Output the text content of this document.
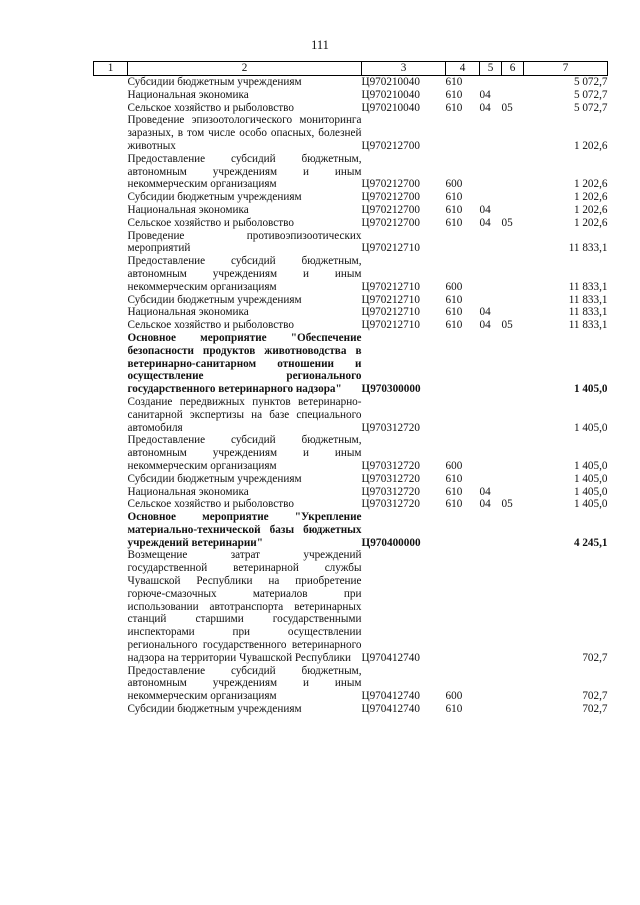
111
1	2	3	4	5	6	7
	Субсидии бюджетным учреждениям	Ц970210040	610			5 072,7
	Национальная экономика	Ц970210040	610	04		5 072,7
	Сельское хозяйство и рыболовство	Ц970210040	610	04	05	5 072,7
	Проведение эпизоотологического мониторинга заразных, в том числе особо опасных, болезней животных	Ц970212700				1 202,6
	Предоставление субсидий бюджетным, автономным учреждениям и иным некоммерческим организациям	Ц970212700	600			1 202,6
	Субсидии бюджетным учреждениям	Ц970212700	610			1 202,6
	Национальная экономика	Ц970212700	610	04		1 202,6
	Сельское хозяйство и рыболовство	Ц970212700	610	04	05	1 202,6
	Проведение противоэпизоотических мероприятий	Ц970212710				11 833,1
	Предоставление субсидий бюджетным, автономным учреждениям и иным некоммерческим организациям	Ц970212710	600			11 833,1
	Субсидии бюджетным учреждениям	Ц970212710	610			11 833,1
	Национальная экономика	Ц970212710	610	04		11 833,1
	Сельское хозяйство и рыболовство	Ц970212710	610	04	05	11 833,1
	Основное мероприятие "Обеспечение безопасности продуктов животноводства в ветеринарно-санитарном отношении и осуществление регионального государственного ветеринарного надзора"	Ц970300000				1 405,0
	Создание передвижных пунктов ветеринарно-санитарной экспертизы на базе специального автомобиля	Ц970312720				1 405,0
	Предоставление субсидий бюджетным, автономным учреждениям и иным некоммерческим организациям	Ц970312720	600			1 405,0
	Субсидии бюджетным учреждениям	Ц970312720	610			1 405,0
	Национальная экономика	Ц970312720	610	04		1 405,0
	Сельское хозяйство и рыболовство	Ц970312720	610	04	05	1 405,0
	Основное мероприятие "Укрепление материально-технической базы бюджетных учреждений ветеринарии"	Ц970400000				4 245,1
	Возмещение затрат учреждений государственной ветеринарной службы Чувашской Республики на приобретение горюче-смазочных материалов при использовании автотранспорта ветеринарных станций старшими государственными инспекторами при осуществлении регионального государственного ветеринарного надзора на территории Чувашской Республики	Ц970412740				702,7
	Предоставление субсидий бюджетным, автономным учреждениям и иным некоммерческим организациям	Ц970412740	600			702,7
	Субсидии бюджетным учреждениям	Ц970412740	610			702,7
